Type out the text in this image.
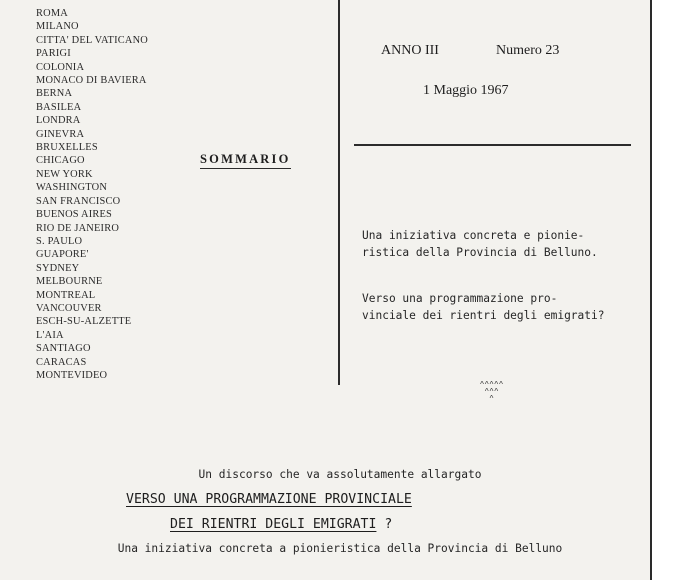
ROMA
MILANO
CITTA' DEL VATICANO
PARIGI
COLONIA
MONACO DI BAVIERA
BERNA
BASILEA
LONDRA
GINEVRA
BRUXELLES
CHICAGO
NEW YORK
WASHINGTON
SAN FRANCISCO
BUENOS AIRES
RIO DE JANEIRO
S. PAULO
GUAPORE'
SYDNEY
MELBOURNE
MONTREAL
VANCOUVER
ESCH-SU-ALZETTE
L'AIA
SANTIAGO
CARACAS
MONTEVIDEO
ANNO III	Numero 23
1 Maggio 1967
SOMMARIO
Una iniziativa concreta e pionie-
ristica della Provincia di Belluno.
Verso una programmazione pro-
vinciale dei rientri degli emigrati?
^^^^^
^^^
^
Un discorso che va assolutamente allargato
VERSO UNA PROGRAMMAZIONE PROVINCIALE
DEI RIENTRI DEGLI EMIGRATI ?
Una iniziativa concreta a pionieristica della Provincia di Belluno
